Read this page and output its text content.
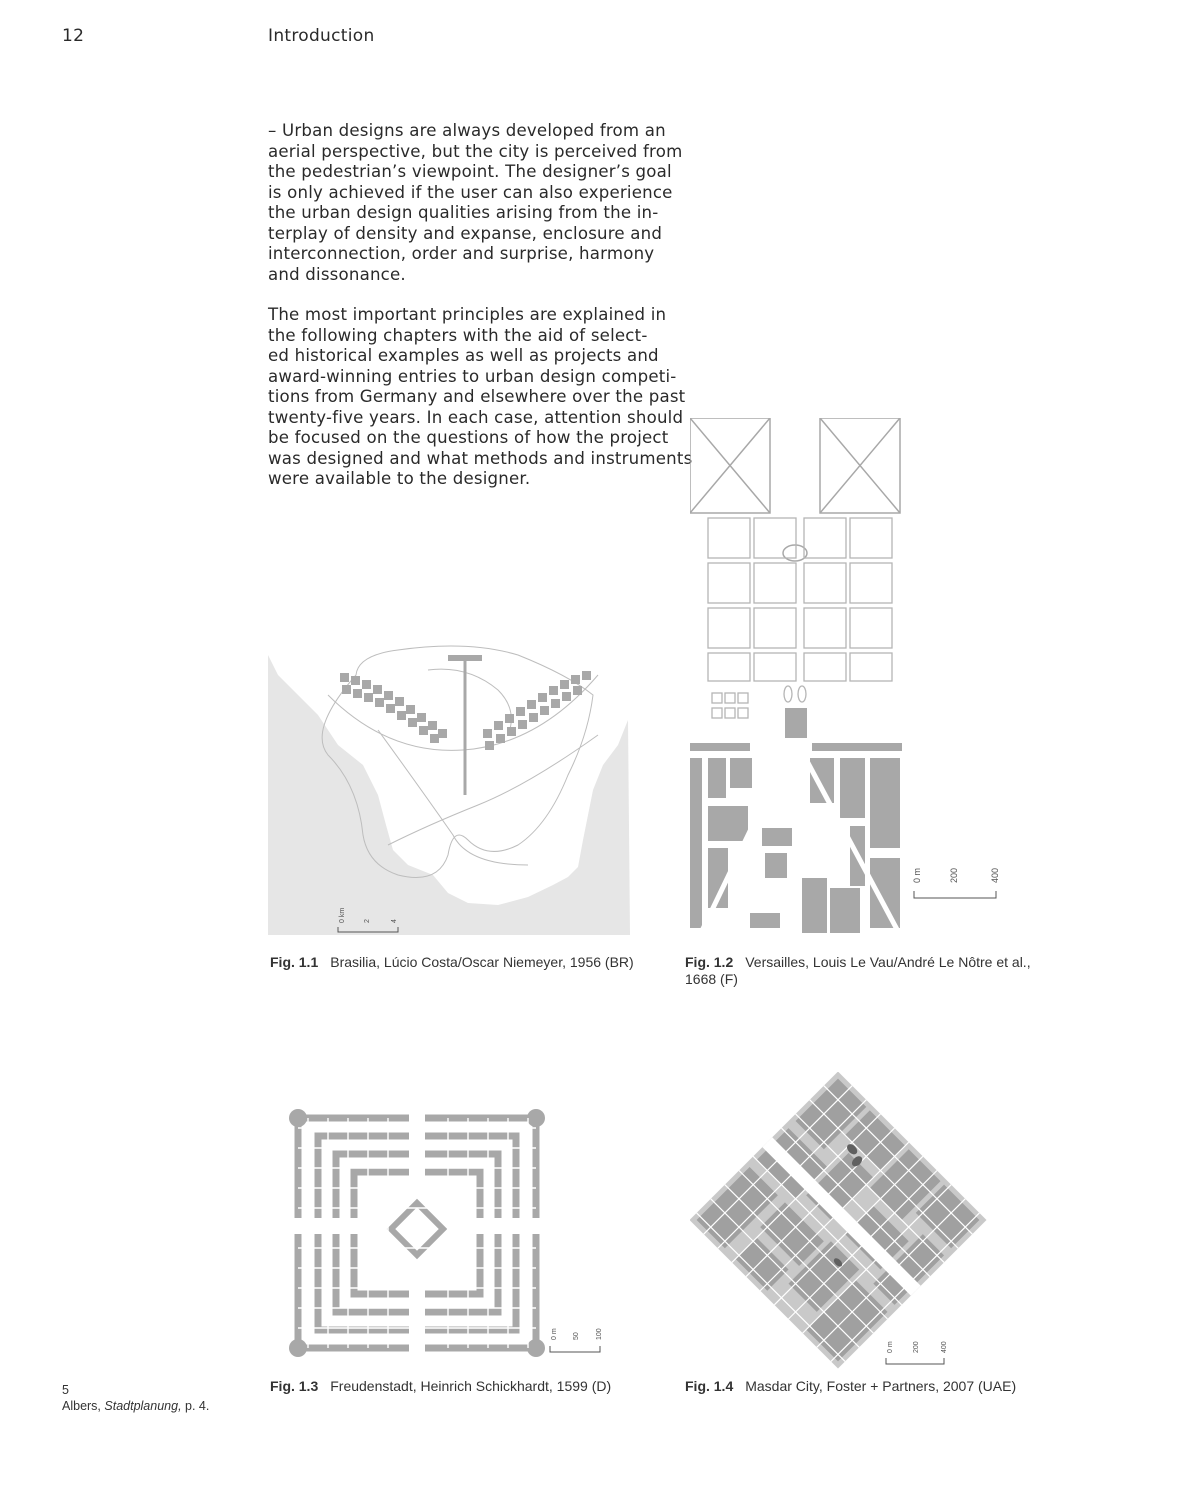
12	Introduction
– Urban designs are always developed from an
aerial perspective, but the city is perceived from
the pedestrian’s viewpoint. The designer’s goal
is only achieved if the user can also experience
the urban design qualities arising from the in-
terplay of density and expanse, enclosure and
interconnection, order and surprise, harmony
and dissonance.
The most important principles are explained in
the following chapters with the aid of select-
ed historical examples as well as projects and
award-winning entries to urban design competi-
tions from Germany and elsewhere over the past
twenty-five years. In each case, attention should
be focused on the questions of how the project
was designed and what methods and instruments
were available to the designer.
0 km	2	4
0 m	200	400
0 m 50 100
0 m	200	400
Fig. 1.1 Brasilia, Lúcio Costa/Oscar Niemeyer, 1956 (BR)	Fig. 1.2 Versailles, Louis Le Vau/André Le Nôtre et al.,
1668 (F)
Fig. 1.3 Freudenstadt, Heinrich Schickhardt, 1599 (D)	Fig. 1.4 Masdar City, Foster + Partners, 2007 (UAE)
5
Albers, Stadtplanung, p. 4.
